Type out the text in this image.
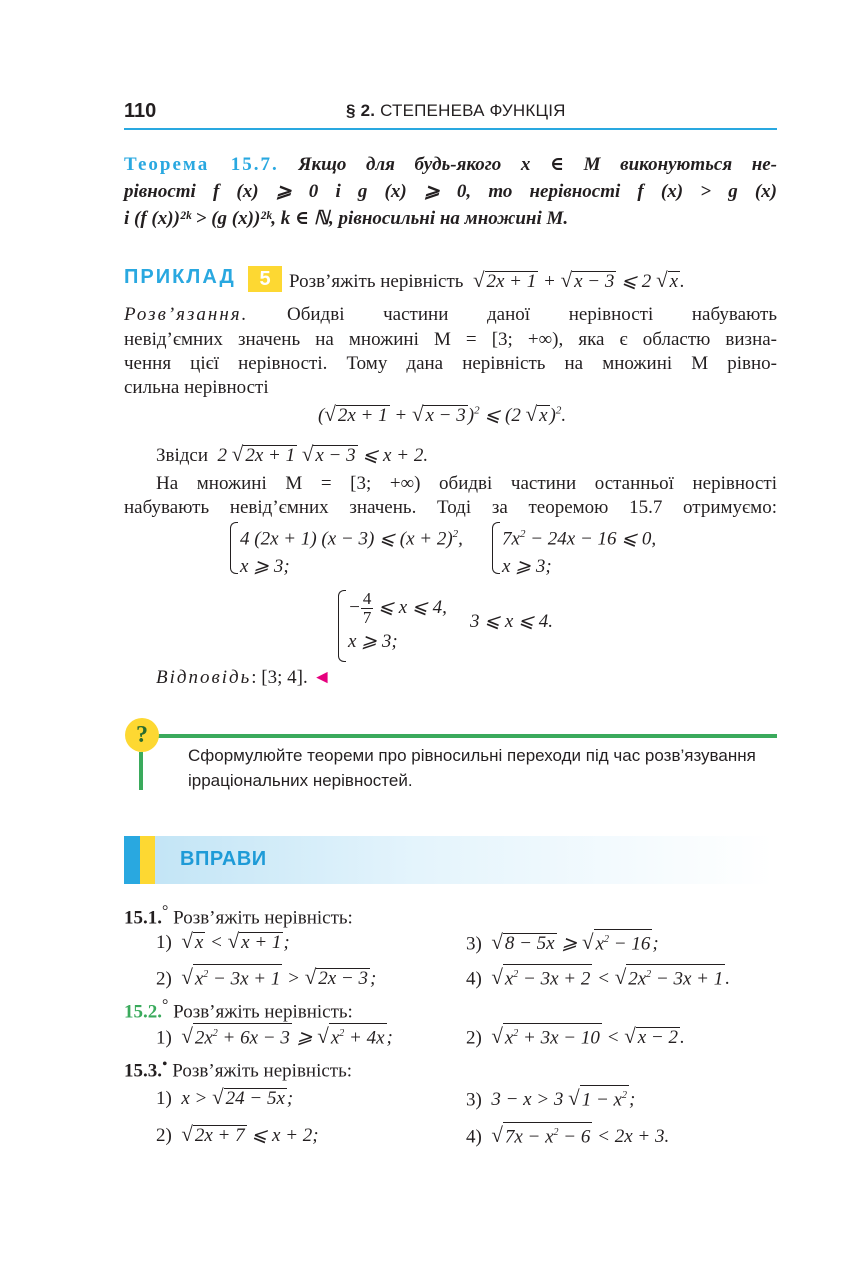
110	§ 2. СТЕПЕНЕВА ФУНКЦІЯ
Теорема 15.7. Якщо для будь-якого x ∈ M виконуються не-
рівності f (x) ⩾ 0 і g (x) ⩾ 0, то нерівності f (x) > g (x)
і (f (x))²ᵏ > (g (x))²ᵏ, k ∈ ℕ, рівносильні на множині M.
ПРИКЛАД	5 Розв’яжіть нерівність √ 2x + 1 + √ x − 3 ⩽ 2 √ x .
Розв’язання. Обидві частини даної нерівності набувають
невід’ємних значень на множині M = [3; +∞), яка є областю визна-
чення цієї нерівності. Тому дана нерівність на множині M рівно-
сильна нерівності
(√ 2x + 1 + √ x − 3 )$^2$ ⩽ (2 √ x )$^2$.
Звідси  2 √ 2x + 1 √ x − 3 ⩽ x + 2.
На множині M = [3; +∞) обидві частини останньої нерівності
набувають невід’ємних значень. Тоді за теоремою 15.7 отримуємо:
4 (2x + 1) (x − 3) ⩽ $(x + 2)^2$,
x ⩾ 3;
$7x^2 - 24x - 16$ ⩽ 0,
x ⩾ 3;
− $\frac{4}{7}$ ⩽ x ⩽ 4,
x ⩾ 3;
3 ⩽ x ⩽ 4.
Відповідь: [3; 4]. ◄
?
Сформулюйте теореми про рівносильні переходи під час розв’язування ірраціональних нерівностей.
ВПРАВИ
15.1.° Розв’яжіть нерівність:
1)  √ x < √ x + 1 ;	3)  √ 8 − 5x ⩾ √ $x^2 - 16$ ;
2)  √ $x^2 - 3x + 1$ > √ 2x − 3 ;	4)  √ $x^2 - 3x + 2$ < √ $2x^2 - 3x + 1$ .
15.2.° Розв’яжіть нерівність:
1)  √ $2x^2 + 6x - 3$ ⩾ √ $x^2 + 4x$ ;	2)  √ $x^2 + 3x - 10$ < √ x − 2 .
15.3.• Розв’яжіть нерівність:
1)  x > √ 24 − 5x ;	3)  3 − x > 3 √ $1 - x^2$ ;
2)  √ 2x + 7 ⩽ x + 2;	4)  √ $7x - x^2 - 6 < 2x + 3$.
